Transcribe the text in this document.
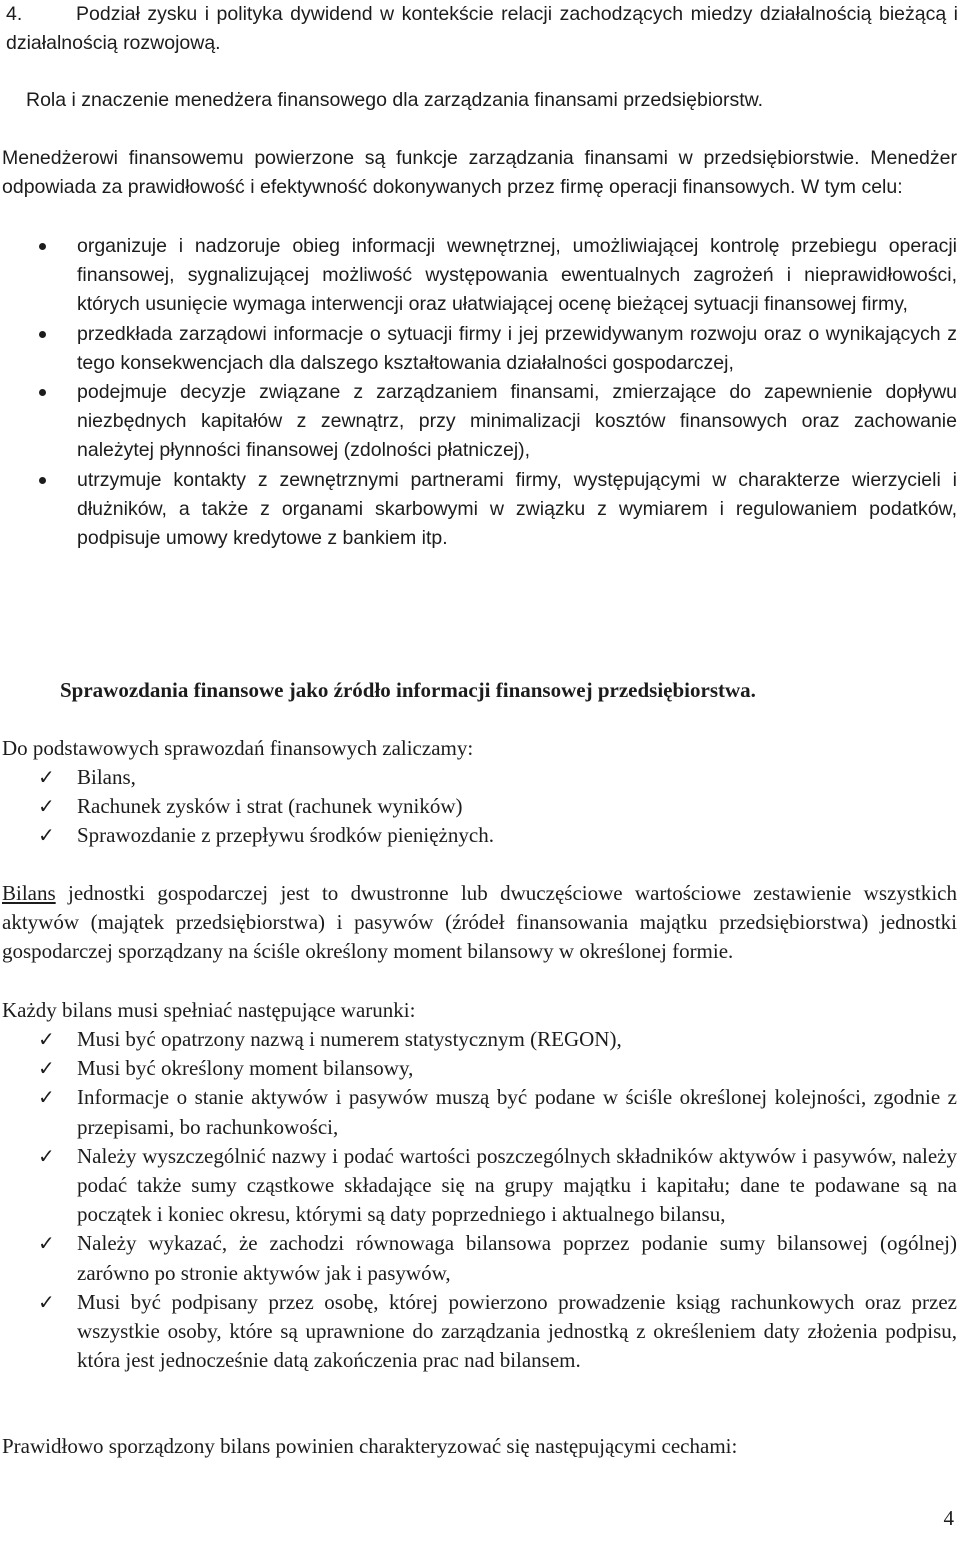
4.	Podział zysku i polityka dywidend w kontekście relacji zachodzących miedzy działalnością bieżącą i działalnością rozwojową.

Rola i znaczenie menedżera finansowego dla zarządzania finansami przedsiębiorstw.

Menedżerowi finansowemu powierzone są funkcje zarządzania finansami w przedsiębiorstwie. Menedżer odpowiada za prawidłowość i efektywność dokonywanych przez firmę operacji finansowych. W tym celu:

organizuje i nadzoruje obieg informacji wewnętrznej, umożliwiającej kontrolę przebiegu operacji finansowej, sygnalizującej możliwość występowania ewentualnych zagrożeń i nieprawidłowości, których usunięcie wymaga interwencji oraz ułatwiającej ocenę bieżącej sytuacji finansowej firmy,
przedkłada zarządowi informacje o sytuacji firmy i jej przewidywanym rozwoju oraz o wynikających z tego konsekwencjach dla dalszego kształtowania działalności gospodarczej,
podejmuje decyzje związane z zarządzaniem finansami, zmierzające do zapewnienie dopływu niezbędnych kapitałów z zewnątrz, przy minimalizacji kosztów finansowych oraz zachowanie należytej płynności finansowej (zdolności płatniczej),
utrzymuje kontakty z zewnętrznymi partnerami firmy, występującymi w charakterze wierzycieli i dłużników, a także z organami skarbowymi w związku z wymiarem i regulowaniem podatków, podpisuje umowy kredytowe z bankiem itp.

Sprawozdania finansowe jako źródło informacji finansowej przedsiębiorstwa.

Do podstawowych sprawozdań finansowych zaliczamy:

✓ Bilans,
✓ Rachunek zysków i strat (rachunek wyników)
✓ Sprawozdanie z przepływu środków pieniężnych.

Bilans jednostki gospodarczej jest to dwustronne lub dwuczęściowe wartościowe zestawienie wszystkich aktywów (majątek przedsiębiorstwa) i pasywów (źródeł finansowania majątku przedsiębiorstwa) jednostki gospodarczej sporządzany na ściśle określony moment bilansowy w określonej formie.

Każdy bilans musi spełniać następujące warunki:

✓ Musi być opatrzony nazwą i numerem statystycznym (REGON),
✓ Musi być określony moment bilansowy,
✓ Informacje o stanie aktywów i pasywów muszą być podane w ściśle określonej kolejności, zgodnie z przepisami, bo rachunkowości,
✓ Należy wyszczególnić nazwy i podać wartości poszczególnych składników aktywów i pasywów, należy podać także sumy cząstkowe składające się na grupy majątku i kapitału; dane te podawane są na początek i koniec okresu, którymi są daty poprzedniego i aktualnego bilansu,
✓ Należy wykazać, że zachodzi równowaga bilansowa poprzez podanie sumy bilansowej (ogólnej) zarówno po stronie aktywów jak i pasywów,
✓ Musi być podpisany przez osobę, której powierzono prowadzenie ksiąg rachunkowych oraz przez wszystkie osoby, które są uprawnione do zarządzania jednostką z określeniem daty złożenia podpisu, która jest jednocześnie datą zakończenia prac nad bilansem.

Prawidłowo sporządzony bilans powinien charakteryzować się następującymi cechami:

4
